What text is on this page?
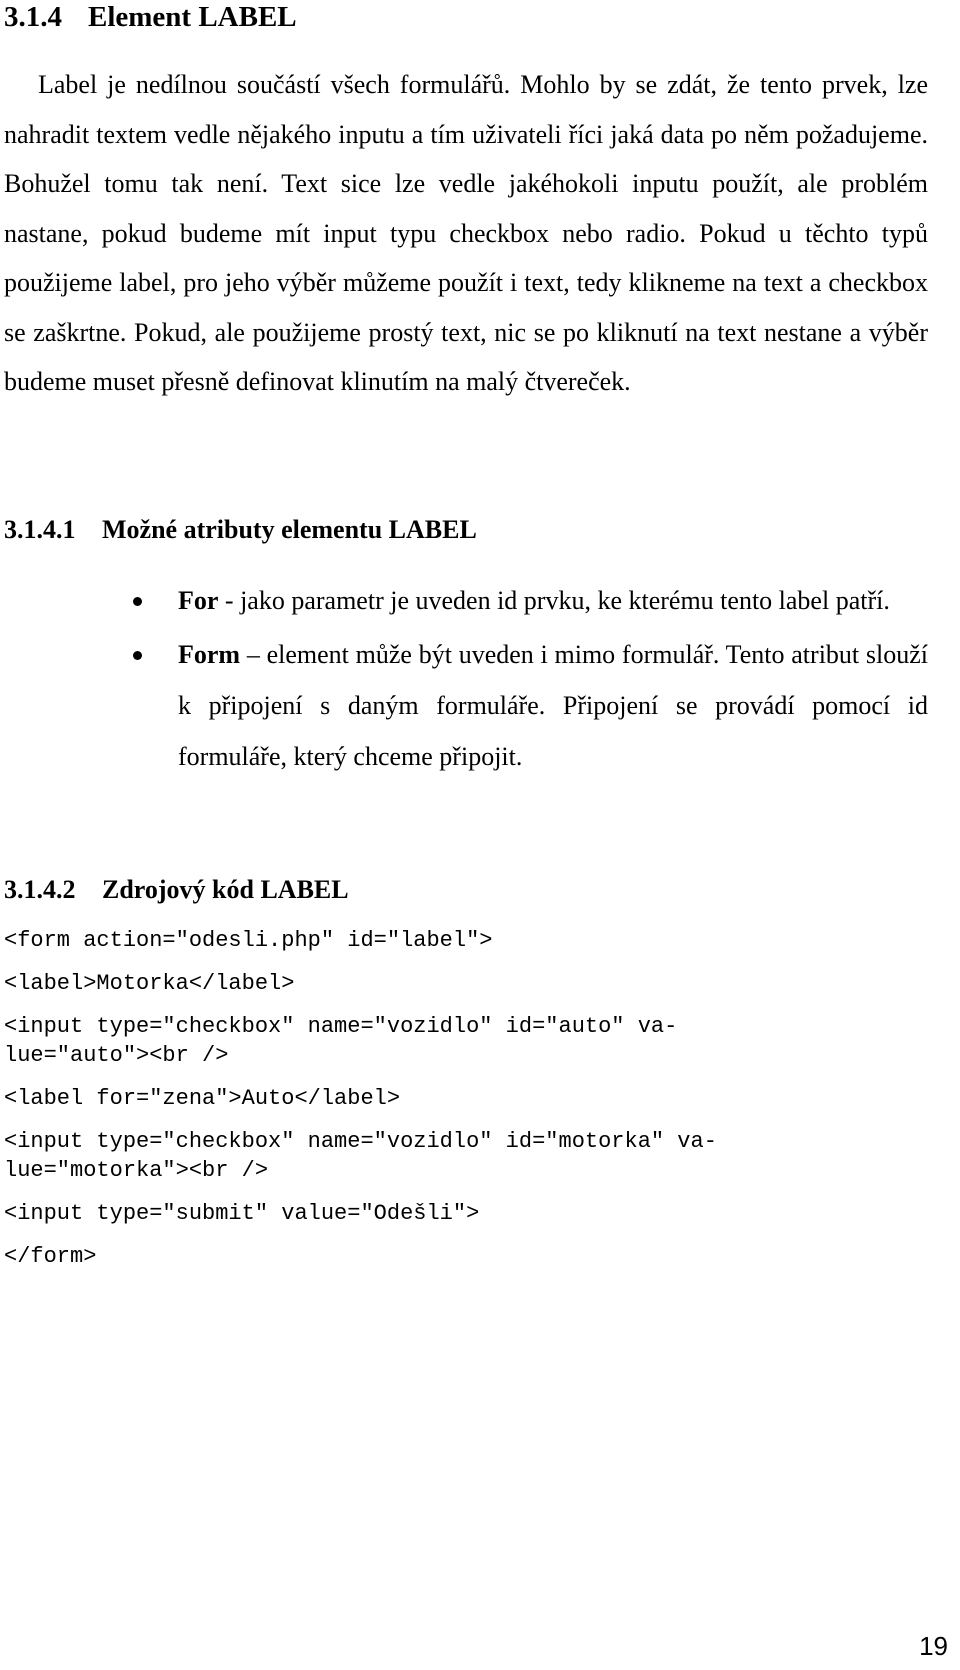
3.1.4 Element LABEL

Label je nedílnou součástí všech formulářů. Mohlo by se zdát, že tento prvek, lze nahradit textem vedle nějakého inputu a tím uživateli říci jaká data po něm požadujeme. Bohužel tomu tak není. Text sice lze vedle jakéhokoli inputu použít, ale problém nastane, pokud budeme mít input typu checkbox nebo radio. Pokud u těchto typů použijeme label, pro jeho výběr můžeme použít i text, tedy klikneme na text a checkbox se zaškrtne. Pokud, ale použijeme prostý text, nic se po kliknutí na text nestane a výběr budeme muset přesně definovat klinutím na malý čtvereček.

3.1.4.1 Možné atributy elementu LABEL
For - jako parametr je uveden id prvku, ke kterému tento label patří.
Form – element může být uveden i mimo formulář. Tento atribut slouží k připojení s daným formuláře. Připojení se provádí pomocí id formuláře, který chceme připojit.
3.1.4.2 Zdrojový kód LABEL
<form action="odesli.php" id="label">
<label>Motorka</label>
<input type="checkbox" name="vozidlo" id="auto" va-
lue="auto"><br />
<label for="zena">Auto</label>
<input type="checkbox" name="vozidlo" id="motorka" va-
lue="motorka"><br />
<input type="submit" value="Odešli">
</form>

19
